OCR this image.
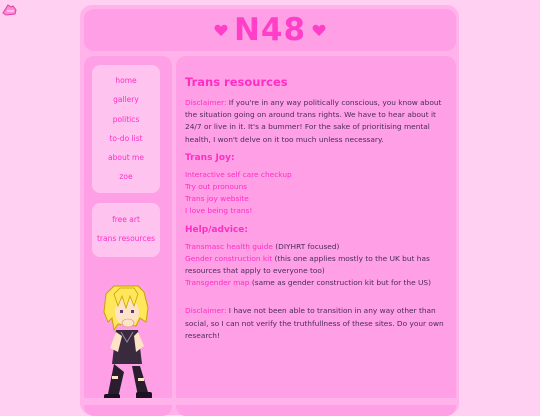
N48
home
gallery
politics
to-do list
about me
zoe
free art
trans resources
Trans resources

Disclaimer: If you're in any way politically conscious, you know about the situation going on around trans rights. We have to hear about it 24/7 or live in it. It's a bummer! For the sake of prioritising mental health, I won't delve on it too much unless necessary.

Trans Joy:
Interactive self care checkup
Try out pronouns
Trans joy website
I love being trans!
Help/advice:
Transmasc health guide (DIYHRT focused)
Gender construction kit (this one applies mostly to the UK but has resources that apply to everyone too)
Transgender map (same as gender construction kit but for the US)

Disclaimer: I have not been able to transition in any way other than social, so I can not verify the truthfullness of these sites. Do your own research!
